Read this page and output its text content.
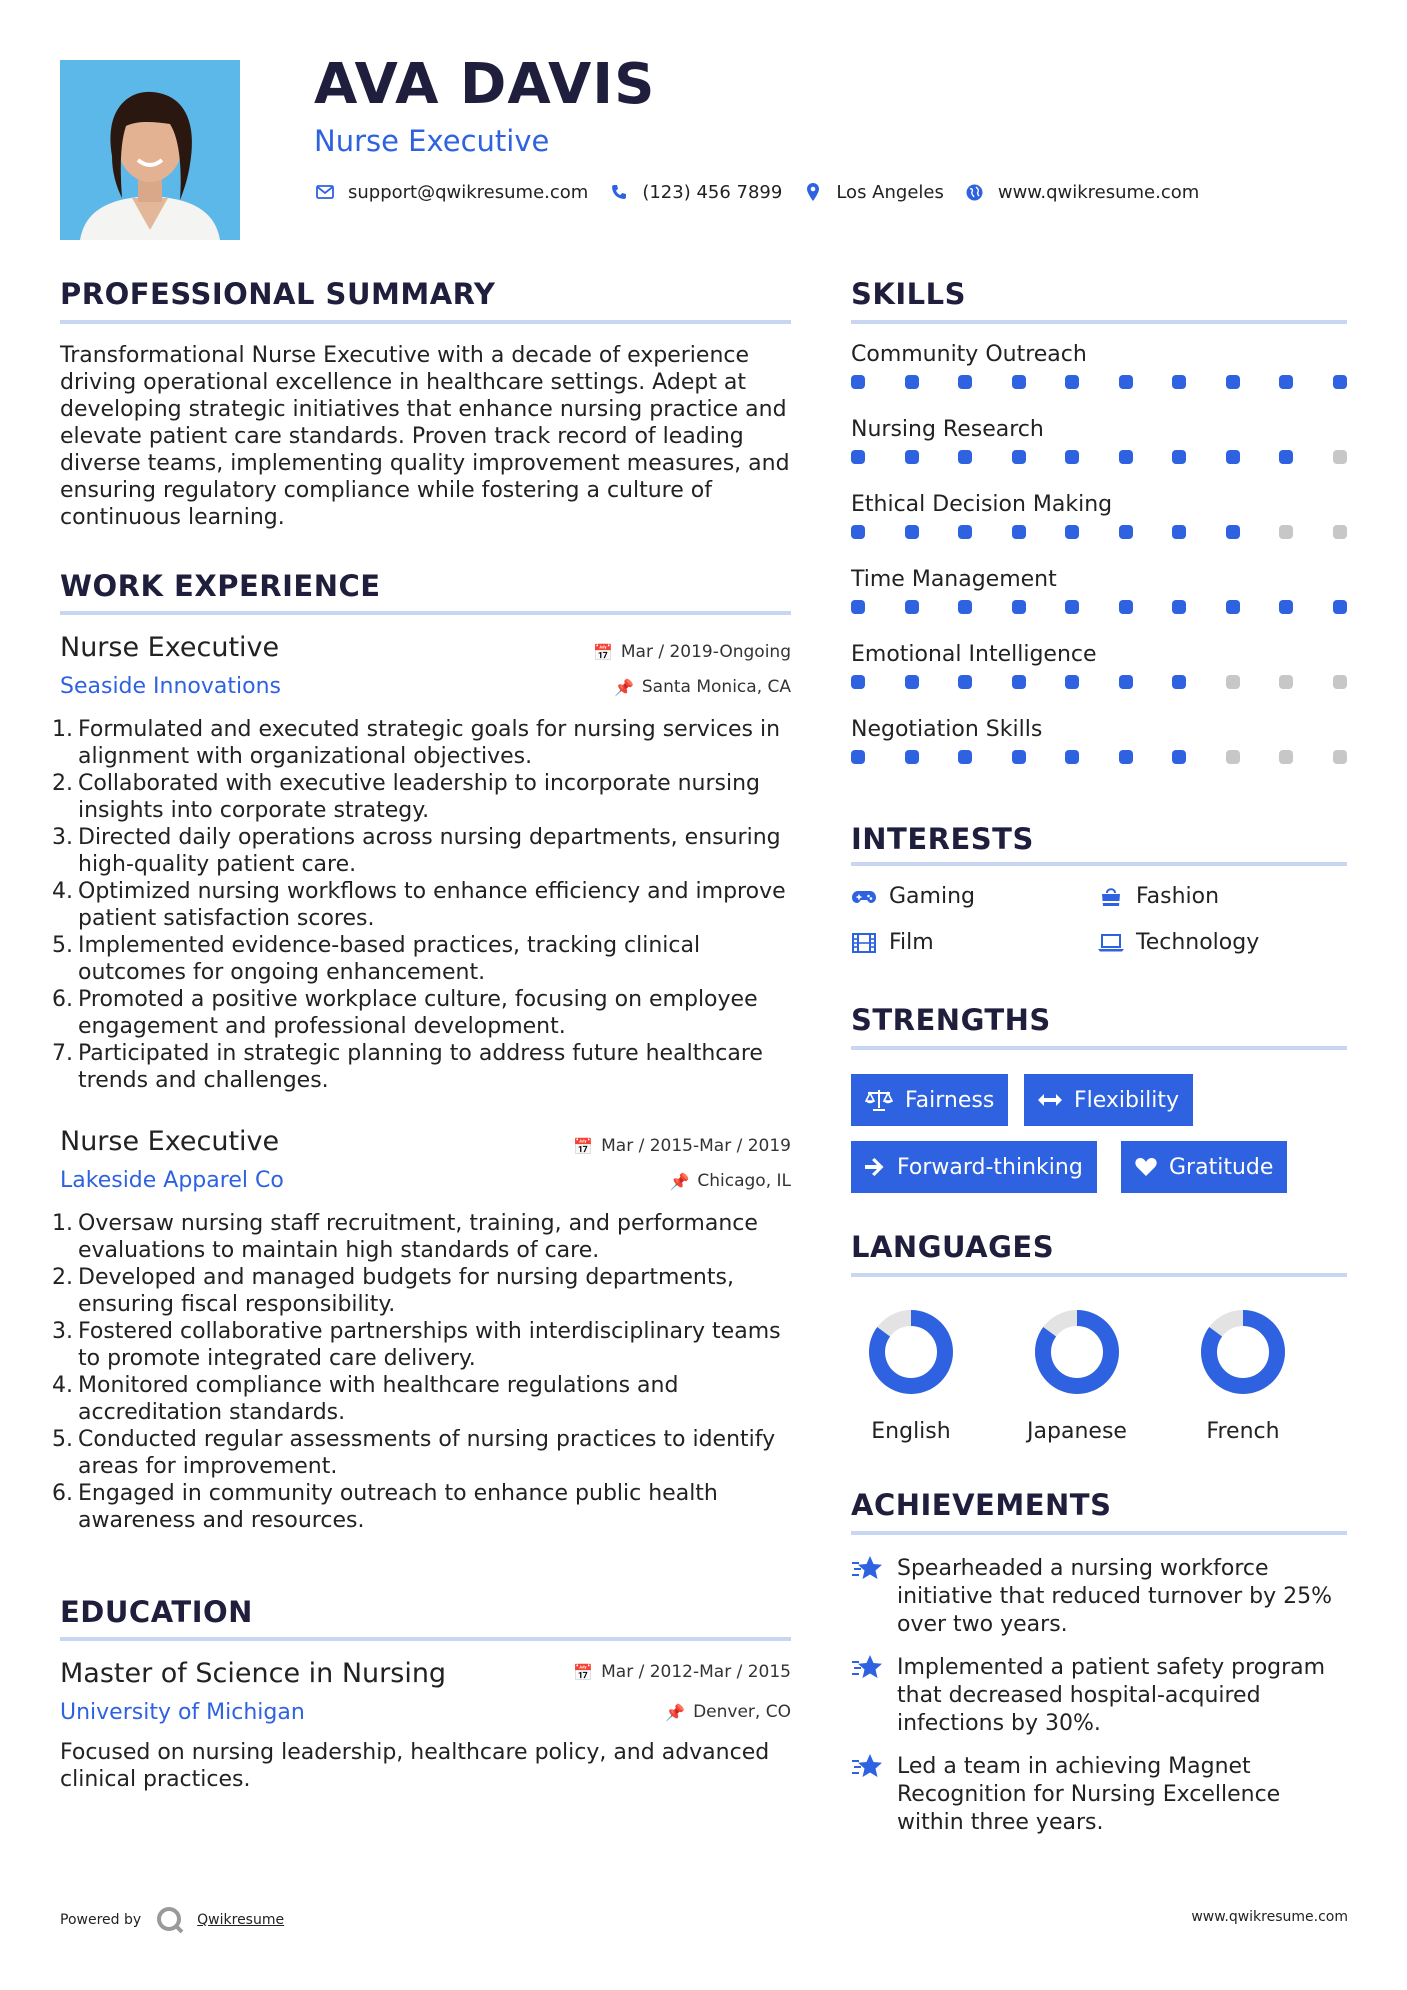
AVA DAVIS
Nurse Executive
support@qwikresume.com	(123) 456 7899	Los Angeles	www.qwikresume.com
PROFESSIONAL SUMMARY
Transformational Nurse Executive with a decade of experience driving operational excellence in healthcare settings. Adept at developing strategic initiatives that enhance nursing practice and elevate patient care standards. Proven track record of leading diverse teams, implementing quality improvement measures, and ensuring regulatory compliance while fostering a culture of continuous learning.
WORK EXPERIENCE
Nurse Executive	📅 Mar / 2019-Ongoing
Seaside Innovations	📌 Santa Monica, CA
1. Formulated and executed strategic goals for nursing services in alignment with organizational objectives.
2. Collaborated with executive leadership to incorporate nursing insights into corporate strategy.
3. Directed daily operations across nursing departments, ensuring high-quality patient care.
4. Optimized nursing workflows to enhance efficiency and improve patient satisfaction scores.
5. Implemented evidence-based practices, tracking clinical outcomes for ongoing enhancement.
6. Promoted a positive workplace culture, focusing on employee engagement and professional development.
7. Participated in strategic planning to address future healthcare trends and challenges.
Nurse Executive	📅 Mar / 2015-Mar / 2019
Lakeside Apparel Co	📌 Chicago, IL
1. Oversaw nursing staff recruitment, training, and performance evaluations to maintain high standards of care.
2. Developed and managed budgets for nursing departments, ensuring fiscal responsibility.
3. Fostered collaborative partnerships with interdisciplinary teams to promote integrated care delivery.
4. Monitored compliance with healthcare regulations and accreditation standards.
5. Conducted regular assessments of nursing practices to identify areas for improvement.
6. Engaged in community outreach to enhance public health awareness and resources.
EDUCATION
Master of Science in Nursing	📅 Mar / 2012-Mar / 2015
University of Michigan	📌 Denver, CO
Focused on nursing leadership, healthcare policy, and advanced clinical practices.
SKILLS
Community Outreach
Nursing Research
Ethical Decision Making
Time Management
Emotional Intelligence
Negotiation Skills
INTERESTS
Gaming	Fashion
Film	Technology
STRENGTHS
Fairness	Flexibility
Forward-thinking	Gratitude
LANGUAGES
English	Japanese	French
ACHIEVEMENTS
Spearheaded a nursing workforce initiative that reduced turnover by 25% over two years.
Implemented a patient safety program that decreased hospital-acquired infections by 30%.
Led a team in achieving Magnet Recognition for Nursing Excellence within three years.
Powered by	Qwikresume	www.qwikresume.com
